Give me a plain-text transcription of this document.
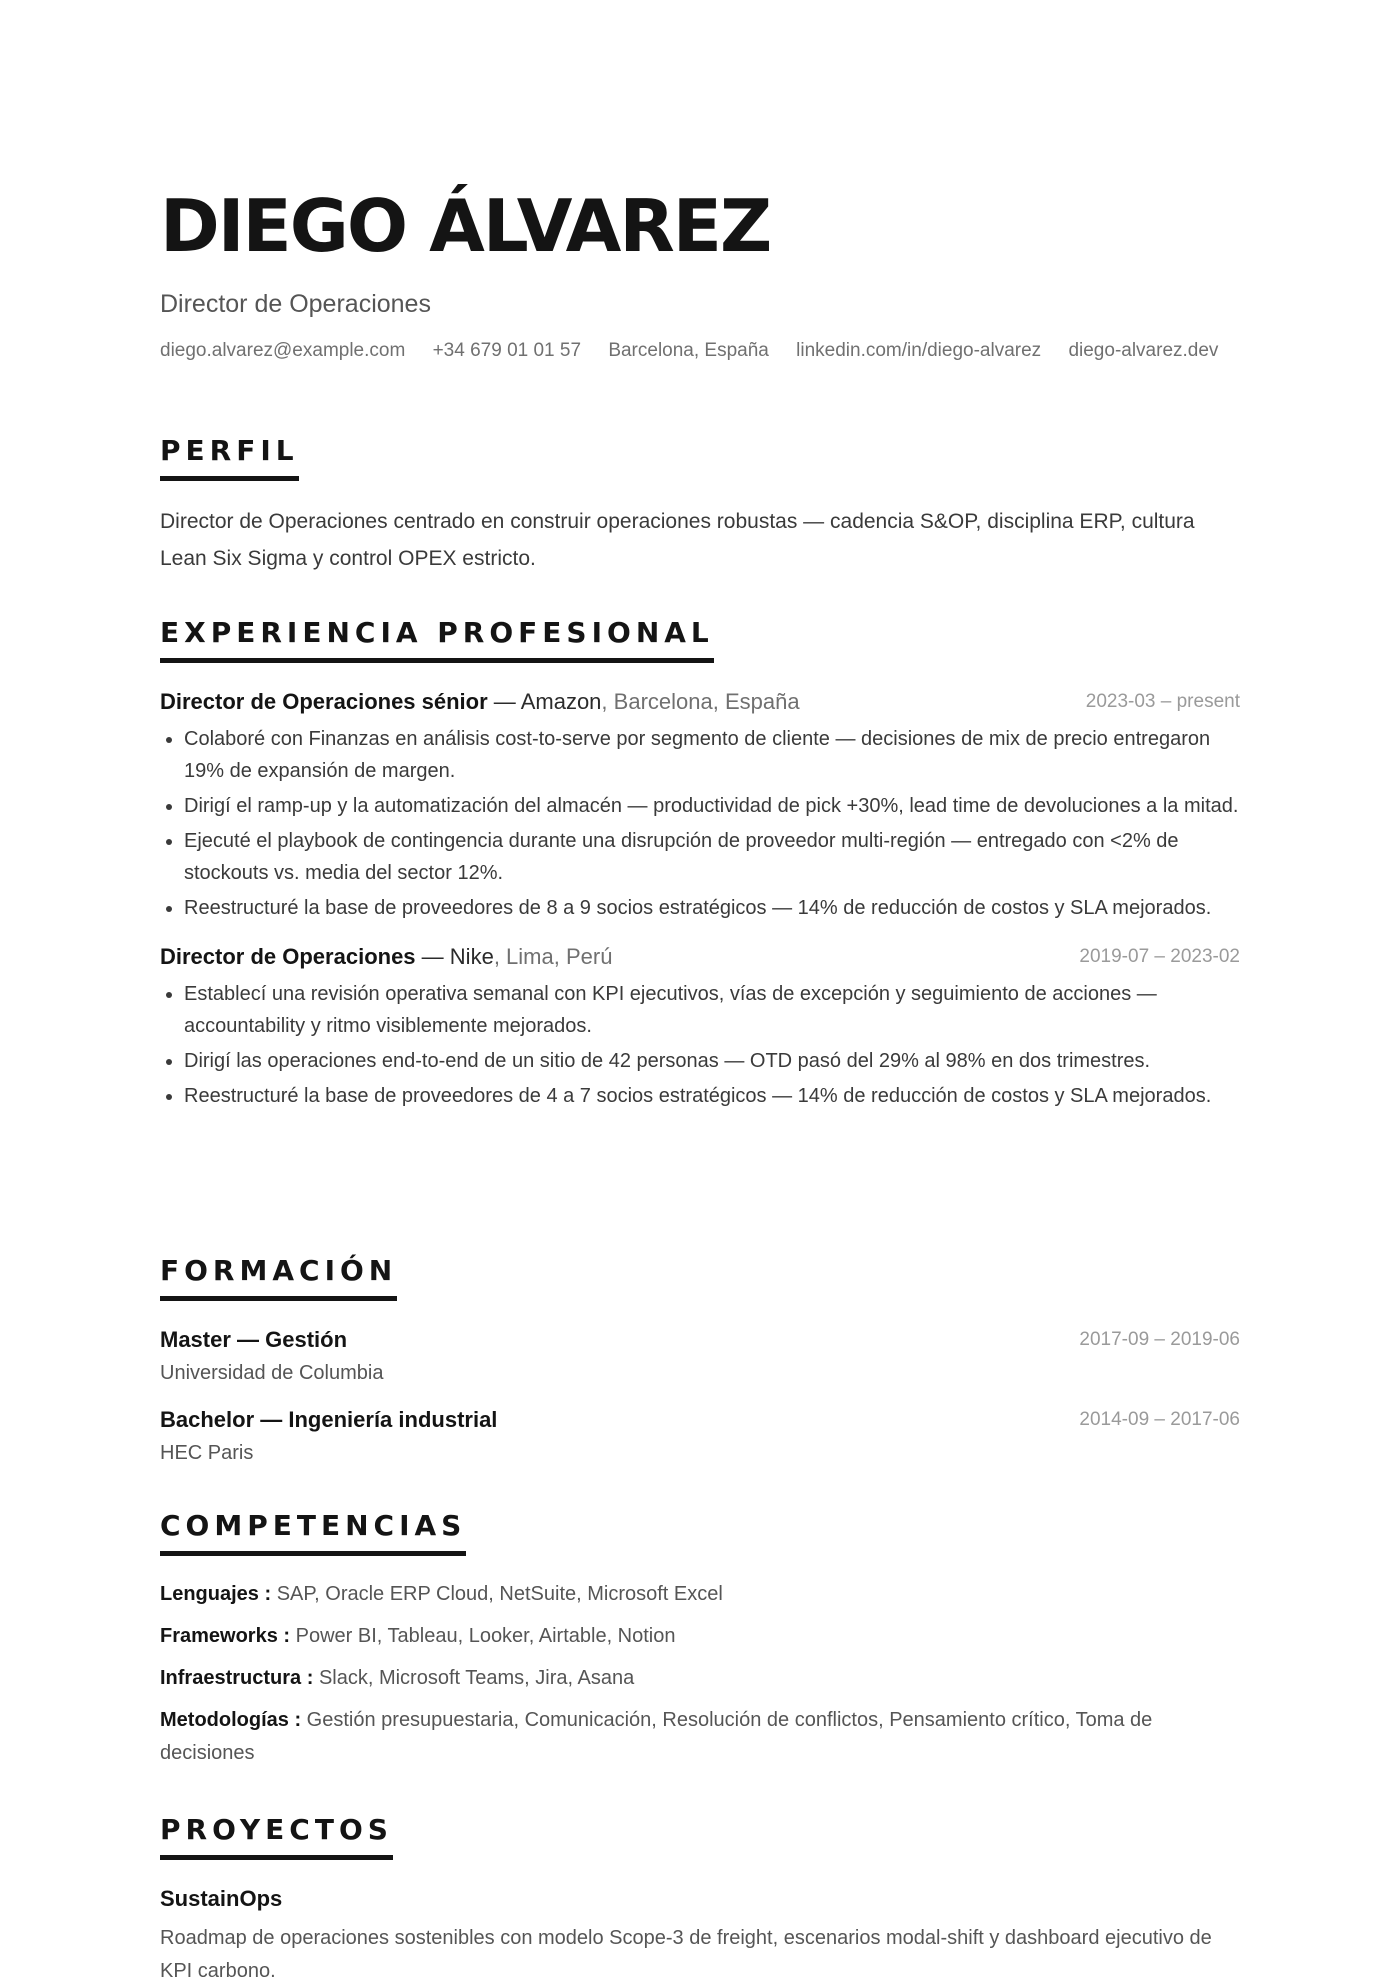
DIEGO ÁLVAREZ
Director de Operaciones
diego.alvarez@example.com +34 679 01 01 57 Barcelona, España linkedin.com/in/diego-alvarez diego-alvarez.dev
PERFIL
Director de Operaciones centrado en construir operaciones robustas — cadencia S&OP, disciplina ERP, cultura Lean Six Sigma y control OPEX estricto.
EXPERIENCIA PROFESIONAL
Director de Operaciones sénior — Amazon, Barcelona, España	2023-03 – present
• Colaboré con Finanzas en análisis cost-to-serve por segmento de cliente — decisiones de mix de precio entregaron 19% de expansión de margen.
• Dirigí el ramp-up y la automatización del almacén — productividad de pick +30%, lead time de devoluciones a la mitad.
• Ejecuté el playbook de contingencia durante una disrupción de proveedor multi-región — entregado con <2% de stockouts vs. media del sector 12%.
• Reestructuré la base de proveedores de 8 a 9 socios estratégicos — 14% de reducción de costos y SLA mejorados.
Director de Operaciones — Nike, Lima, Perú	2019-07 – 2023-02
• Establecí una revisión operativa semanal con KPI ejecutivos, vías de excepción y seguimiento de acciones — accountability y ritmo visiblemente mejorados.
• Dirigí las operaciones end-to-end de un sitio de 42 personas — OTD pasó del 29% al 98% en dos trimestres.
• Reestructuré la base de proveedores de 4 a 7 socios estratégicos — 14% de reducción de costos y SLA mejorados.
FORMACIÓN
Master — Gestión	2017-09 – 2019-06
Universidad de Columbia
Bachelor — Ingeniería industrial	2014-09 – 2017-06
HEC Paris
COMPETENCIAS
Lenguajes : SAP, Oracle ERP Cloud, NetSuite, Microsoft Excel
Frameworks : Power BI, Tableau, Looker, Airtable, Notion
Infraestructura : Slack, Microsoft Teams, Jira, Asana
Metodologías : Gestión presupuestaria, Comunicación, Resolución de conflictos, Pensamiento crítico, Toma de decisiones
PROYECTOS
SustainOps
Roadmap de operaciones sostenibles con modelo Scope-3 de freight, escenarios modal-shift y dashboard ejecutivo de KPI carbono.
